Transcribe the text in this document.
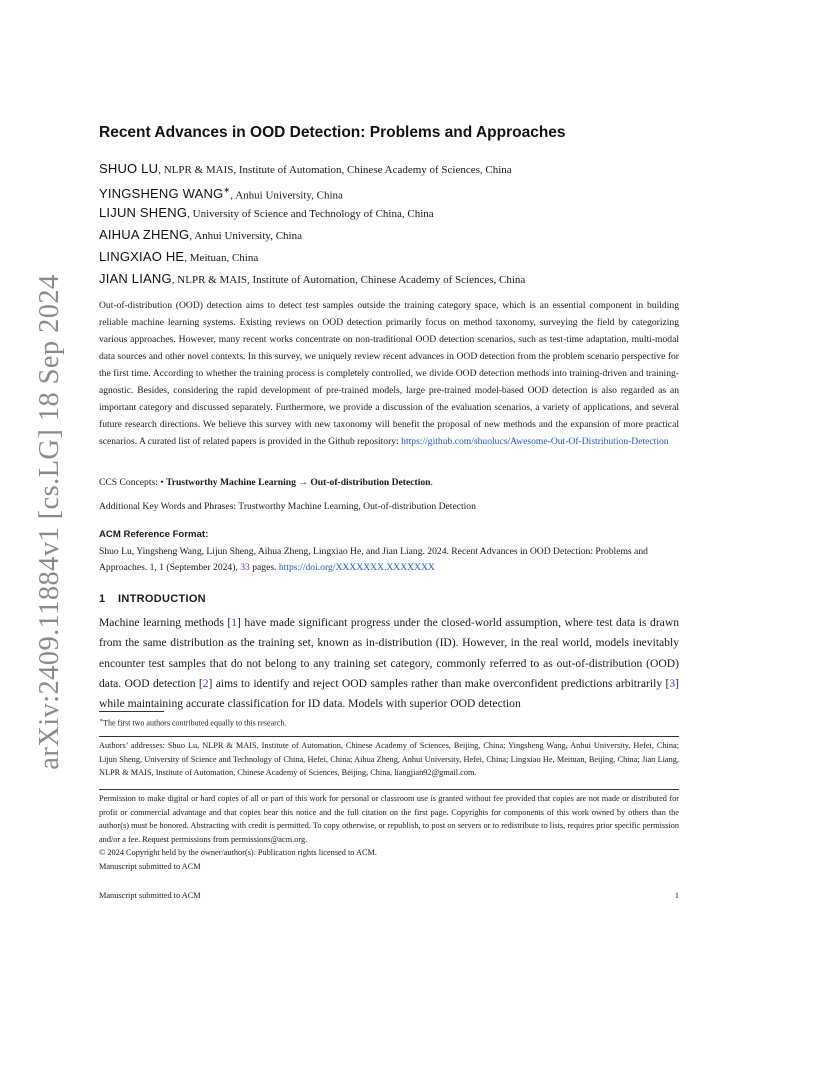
arXiv:2409.11884v1 [cs.LG] 18 Sep 2024
Recent Advances in OOD Detection: Problems and Approaches
SHUO LU, NLPR & MAIS, Institute of Automation, Chinese Academy of Sciences, China
YINGSHENG WANG∗, Anhui University, China
LIJUN SHENG, University of Science and Technology of China, China
AIHUA ZHENG, Anhui University, China
LINGXIAO HE, Meituan, China
JIAN LIANG, NLPR & MAIS, Institute of Automation, Chinese Academy of Sciences, China

Out-of-distribution (OOD) detection aims to detect test samples outside the training category space, which is an essential component in building reliable machine learning systems. Existing reviews on OOD detection primarily focus on method taxonomy, surveying the field by categorizing various approaches. However, many recent works concentrate on non-traditional OOD detection scenarios, such as test-time adaptation, multi-modal data sources and other novel contexts. In this survey, we uniquely review recent advances in OOD detection from the problem scenario perspective for the first time. According to whether the training process is completely controlled, we divide OOD detection methods into training-driven and training-agnostic. Besides, considering the rapid development of pre-trained models, large pre-trained model-based OOD detection is also regarded as an important category and discussed separately. Furthermore, we provide a discussion of the evaluation scenarios, a variety of applications, and several future research directions. We believe this survey with new taxonomy will benefit the proposal of new methods and the expansion of more practical scenarios. A curated list of related papers is provided in the Github repository: https://github.com/shuolucs/Awesome-Out-Of-Distribution-Detection

CCS Concepts: • Trustworthy Machine Learning → Out-of-distribution Detection.
Additional Key Words and Phrases: Trustworthy Machine Learning, Out-of-distribution Detection
ACM Reference Format:

Shuo Lu, Yingsheng Wang, Lijun Sheng, Aihua Zheng, Lingxiao He, and Jian Liang. 2024. Recent Advances in OOD Detection: Problems and Approaches. 1, 1 (September 2024), 33 pages. https://doi.org/XXXXXXX.XXXXXXX

1 INTRODUCTION

Machine learning methods [1] have made significant progress under the closed-world assumption, where test data is drawn from the same distribution as the training set, known as in-distribution (ID). However, in the real world, models inevitably encounter test samples that do not belong to any training set category, commonly referred to as out-of-distribution (OOD) data. OOD detection [2] aims to identify and reject OOD samples rather than make overconfident predictions arbitrarily [3] while maintaining accurate classification for ID data. Models with superior OOD detection

∗The first two authors contributed equally to this research.

Authors’ addresses: Shuo Lu, NLPR & MAIS, Institute of Automation, Chinese Academy of Sciences, Beijing, China; Yingsheng Wang, Anhui University, Hefei, China; Lijun Sheng, University of Science and Technology of China, Hefei, China; Aihua Zheng, Anhui University, Hefei, China; Lingxiao He, Meituan, Beijing, China; Jian Liang, NLPR & MAIS, Institute of Automation, Chinese Academy of Sciences, Beijing, China, liangjian92@gmail.com.

Permission to make digital or hard copies of all or part of this work for personal or classroom use is granted without fee provided that copies are not made or distributed for profit or commercial advantage and that copies bear this notice and the full citation on the first page. Copyrights for components of this work owned by others than the author(s) must be honored. Abstracting with credit is permitted. To copy otherwise, or republish, to post on servers or to redistribute to lists, requires prior specific permission and/or a fee. Request permissions from permissions@acm.org.

© 2024 Copyright held by the owner/author(s). Publication rights licensed to ACM.
Manuscript submitted to ACM
Manuscript submitted to ACM	1
